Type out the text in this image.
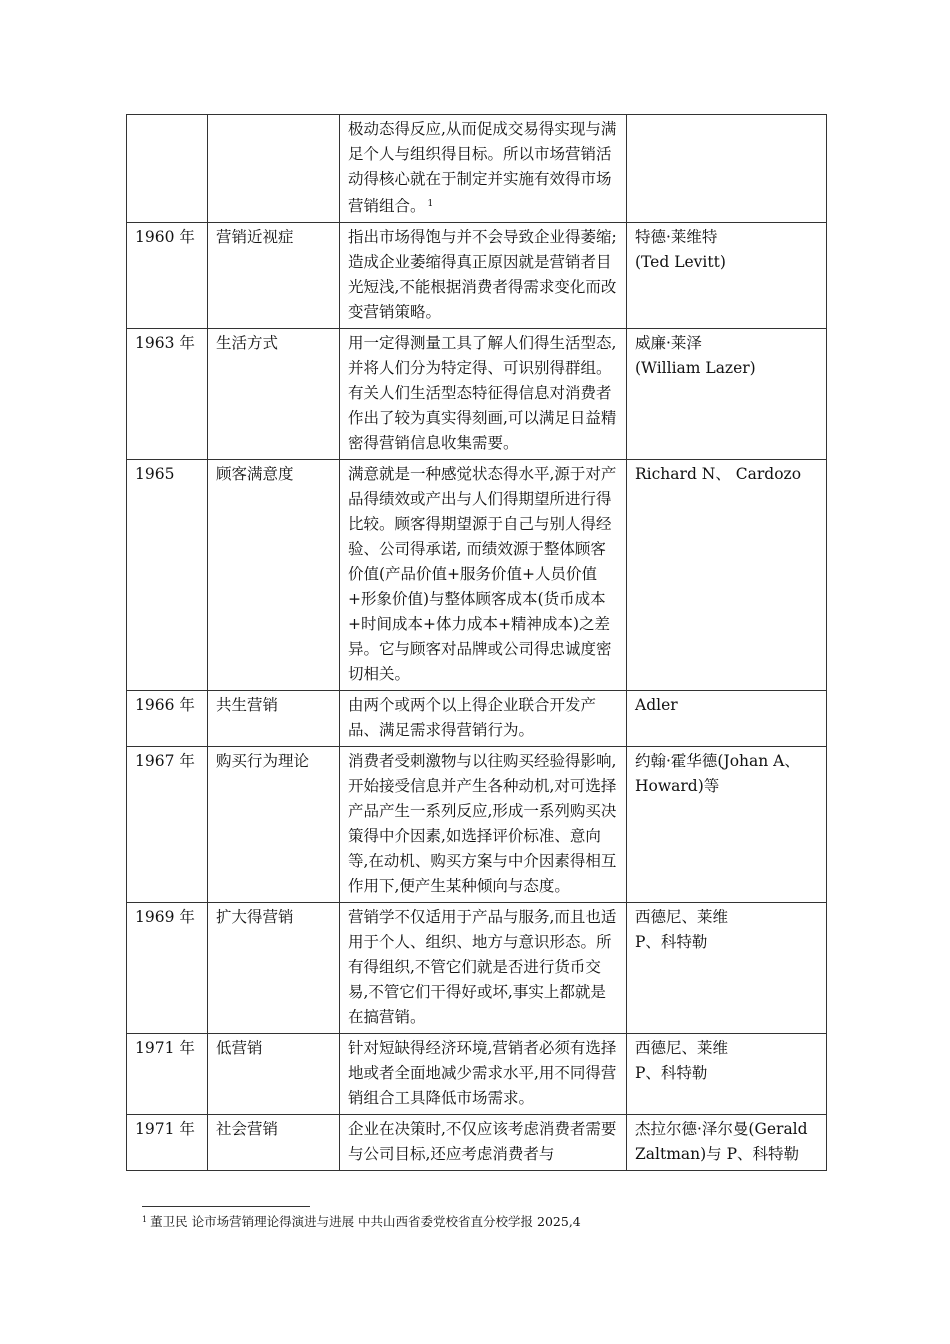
		极动态得反应,从而促成交易得实现与满足个人与组织得目标。所以市场营销活动得核心就在于制定并实施有效得市场营销组合。 $^1$	
1960 年	营销近视症	指出市场得饱与并不会导致企业得萎缩;造成企业萎缩得真正原因就是营销者目光短浅,不能根据消费者得需求变化而改变营销策略。	特德·莱维特
(Ted Levitt)
1963 年	生活方式	用一定得测量工具了解人们得生活型态,并将人们分为特定得、可识别得群组。有关人们生活型态特征得信息对消费者作出了较为真实得刻画,可以满足日益精密得营销信息收集需要。	威廉·莱泽
(William Lazer)
1965	顾客满意度	满意就是一种感觉状态得水平,源于对产品得绩效或产出与人们得期望所进行得比较。顾客得期望源于自己与别人得经验、公司得承诺, 而绩效源于整体顾客价值(产品价值+服务价值+人员价值+形象价值)与整体顾客成本(货币成本+时间成本+体力成本+精神成本)之差异。它与顾客对品牌或公司得忠诚度密切相关。	Richard N、 Cardozo
1966 年	共生营销	由两个或两个以上得企业联合开发产品、满足需求得营销行为。	Adler
1967 年	购买行为理论	消费者受刺激物与以往购买经验得影响,开始接受信息并产生各种动机,对可选择产品产生一系列反应,形成一系列购买决策得中介因素,如选择评价标准、意向等,在动机、购买方案与中介因素得相互作用下,便产生某种倾向与态度。	约翰·霍华德(Johan A、Howard)等
1969 年	扩大得营销	营销学不仅适用于产品与服务,而且也适用于个人、组织、地方与意识形态。所有得组织,不管它们就是否进行货币交易,不管它们干得好或坏,事实上都就是在搞营销。	西德尼、莱维
P、科特勒
1971 年	低营销	针对短缺得经济环境,营销者必须有选择地或者全面地减少需求水平,用不同得营销组合工具降低市场需求。	西德尼、莱维
P、科特勒
1971 年	社会营销	企业在决策时,不仅应该考虑消费者需要与公司目标,还应考虑消费者与	杰拉尔德·泽尔曼(Gerald Zaltman)与 P、科特勒
$^1$ 董卫民 论市场营销理论得演进与进展 中共山西省委党校省直分校学报 2025,4
